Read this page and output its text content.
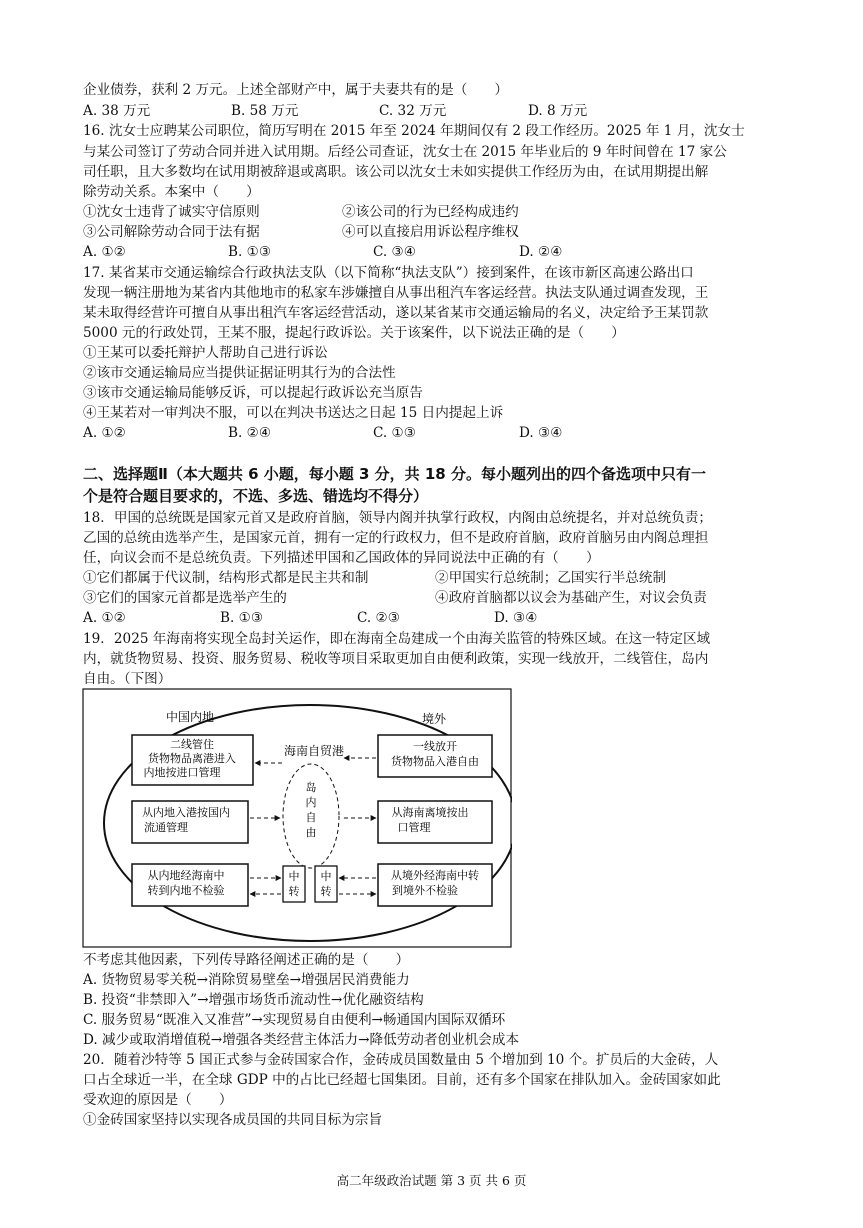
企业债券，获利 2 万元。上述全部财产中，属于夫妻共有的是（　　）
A. 38 万元	B. 58 万元	C. 32 万元	D. 8 万元
16. 沈女士应聘某公司职位，简历写明在 2015 年至 2024 年期间仅有 2 段工作经历。2025 年 1 月，沈女士
与某公司签订了劳动合同并进入试用期。后经公司查证，沈女士在 2015 年毕业后的 9 年时间曾在 17 家公
司任职，且大多数均在试用期被辞退或离职。该公司以沈女士未如实提供工作经历为由，在试用期提出解
除劳动关系。本案中（　　）
①沈女士违背了诚实守信原则	②该公司的行为已经构成违约
③公司解除劳动合同于法有据	④可以直接启用诉讼程序维权
A. ①②	B. ①③	C. ③④	D. ②④
17. 某省某市交通运输综合行政执法支队（以下简称“执法支队”）接到案件，在该市新区高速公路出口
发现一辆注册地为某省内其他地市的私家车涉嫌擅自从事出租汽车客运经营。执法支队通过调查发现，王
某未取得经营许可擅自从事出租汽车客运经营活动，遂以某省某市交通运输局的名义，决定给予王某罚款
5000 元的行政处罚，王某不服，提起行政诉讼。关于该案件，以下说法正确的是（　　）
①王某可以委托辩护人帮助自己进行诉讼
②该市交通运输局应当提供证据证明其行为的合法性
③该市交通运输局能够反诉，可以提起行政诉讼充当原告
④王某若对一审判决不服，可以在判决书送达之日起 15 日内提起上诉
A. ①②	B. ②④	C. ①③	D. ③④
二、选择题Ⅱ（本大题共 6 小题，每小题 3 分，共 18 分。每小题列出的四个备选项中只有一
个是符合题目要求的，不选、多选、错选均不得分）
18．甲国的总统既是国家元首又是政府首脑，领导内阁并执掌行政权，内阁由总统提名，并对总统负责；
乙国的总统由选举产生，是国家元首，拥有一定的行政权力，但不是政府首脑，政府首脑另由内阁总理担
任，向议会而不是总统负责。下列描述甲国和乙国政体的异同说法中正确的有（　　）
①它们都属于代议制，结构形式都是民主共和制	②甲国实行总统制；乙国实行半总统制
③它们的国家元首都是选举产生的	④政府首脑都以议会为基础产生，对议会负责
A. ①②	B. ①③	C. ②③	D. ③④
19．2025 年海南将实现全岛封关运作，即在海南全岛建成一个由海关监管的特殊区域。在这一特定区域
内，就货物贸易、投资、服务贸易、税收等项目采取更加自由便利政策，实现一线放开，二线管住，岛内
自由。（下图）
中国内地	境外
海南自贸港
岛
内
自
由
二线管住
货物物品离港进入
内地按进口管理
一线放开
货物物品入港自由
从内地入港按国内
流通管理
从海南离境按出
口管理
从内地经海南中
转到内地不检验
从境外经海南中转
到境外不检验
中
转
中
转
不考虑其他因素，下列传导路径阐述正确的是（　　）
A. 货物贸易零关税→消除贸易壁垒→增强居民消费能力
B. 投资“非禁即入”→增强市场货币流动性→优化融资结构
C. 服务贸易“既准入又准营”→实现贸易自由便利→畅通国内国际双循环
D. 减少或取消增值税→增强各类经营主体活力→降低劳动者创业机会成本
20．随着沙特等 5 国正式参与金砖国家合作，金砖成员国数量由 5 个增加到 10 个。扩员后的大金砖，人
口占全球近一半，在全球 GDP 中的占比已经超七国集团。目前，还有多个国家在排队加入。金砖国家如此
受欢迎的原因是（　　）
①金砖国家坚持以实现各成员国的共同目标为宗旨
高二年级政治试题 第 3 页 共 6 页
